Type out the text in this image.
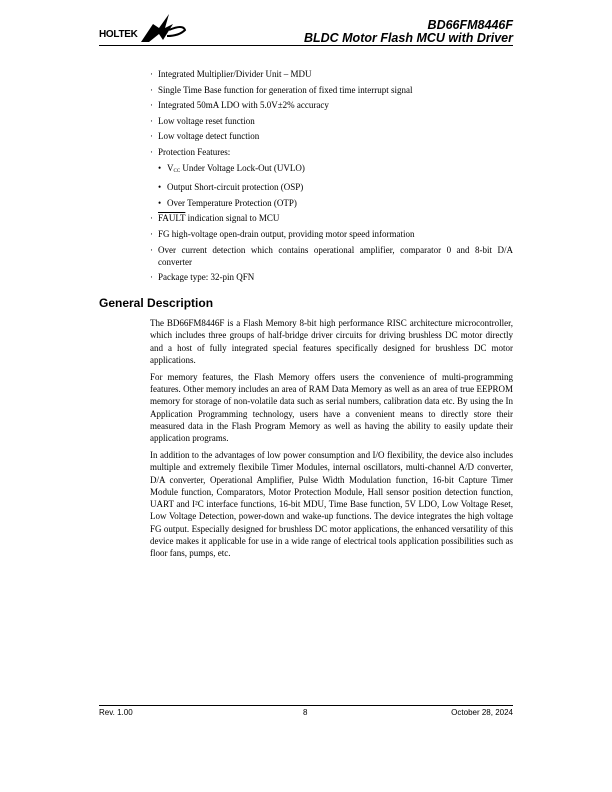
HOLTEK
BD66FM8446F
BLDC Motor Flash MCU with Driver
· Integrated Multiplier/Divider Unit – MDU
· Single Time Base function for generation of fixed time interrupt signal
· Integrated 50mA LDO with 5.0V±2% accuracy
· Low voltage reset function
· Low voltage detect function
· Protection Features:
• $V_{CC}$ Under Voltage Lock-Out (UVLO)
• Output Short-circuit protection (OSP)
• Over Temperature Protection (OTP)
· FAULT indication signal to MCU
· FG high-voltage open-drain output, providing motor speed information
· Over current detection which contains operational amplifier, comparator 0 and 8-bit D/A converter
· Package type: 32-pin QFN
General Description

The BD66FM8446F is a Flash Memory 8-bit high performance RISC architecture microcontroller, which includes three groups of half-bridge driver circuits for driving brushless DC motor directly and a host of fully integrated special features specifically designed for brushless DC motor applications.

For memory features, the Flash Memory offers users the convenience of multi-programming features. Other memory includes an area of RAM Data Memory as well as an area of true EEPROM memory for storage of non-volatile data such as serial numbers, calibration data etc. By using the In Application Programming technology, users have a convenient means to directly store their measured data in the Flash Program Memory as well as having the ability to easily update their application programs.

In addition to the advantages of low power consumption and I/O flexibility, the device also includes multiple and extremely flexibile Timer Modules, internal oscillators, multi-channel A/D converter, D/A converter, Operational Amplifier, Pulse Width Modulation function, 16-bit Capture Timer Module function, Comparators, Motor Protection Module, Hall sensor position detection function, UART and I²C interface functions, 16-bit MDU, Time Base function, 5V LDO, Low Voltage Reset, Low Voltage Detection, power-down and wake-up functions. The device integrates the high voltage FG output. Especially designed for brushless DC motor applications, the enhanced versatility of this device makes it applicable for use in a wide range of electrical tools application possibilities such as floor fans, pumps, etc.

Rev. 1.00	8	October 28, 2024
